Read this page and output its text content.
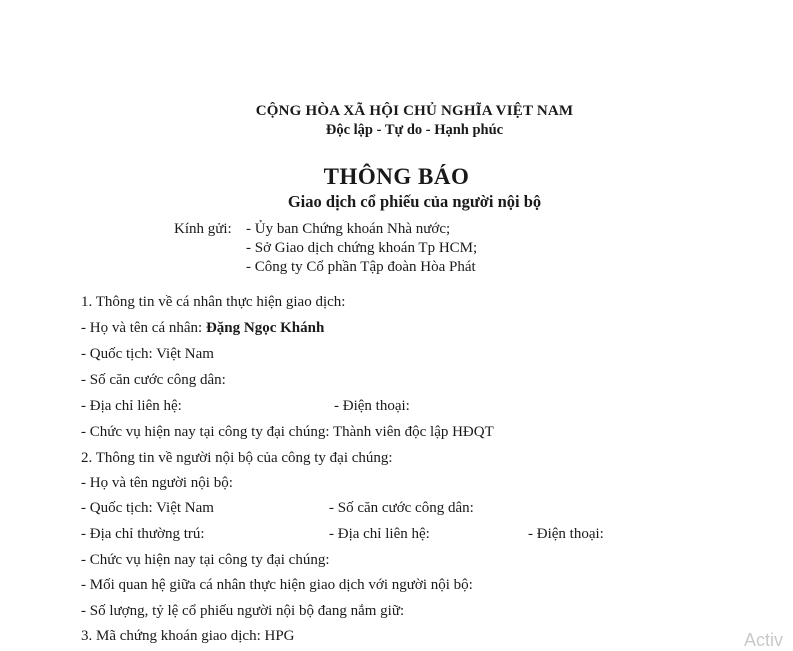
CỘNG HÒA XÃ HỘI CHỦ NGHĨA VIỆT NAM
Độc lập - Tự do - Hạnh phúc
THÔNG BÁO
Giao dịch cổ phiếu của người nội bộ
Kính gửi: - Ủy ban Chứng khoán Nhà nước;
- Sở Giao dịch chứng khoán Tp HCM;
- Công ty Cổ phần Tập đoàn Hòa Phát
1. Thông tin về cá nhân thực hiện giao dịch:
- Họ và tên cá nhân: Đặng Ngọc Khánh
- Quốc tịch: Việt Nam
- Số căn cước công dân:
- Địa chỉ liên hệ:	- Điện thoại:
- Chức vụ hiện nay tại công ty đại chúng: Thành viên độc lập HĐQT
2. Thông tin về người nội bộ của công ty đại chúng:
- Họ và tên người nội bộ:
- Quốc tịch: Việt Nam	- Số căn cước công dân:
- Địa chỉ thường trú:	- Địa chỉ liên hệ:	- Điện thoại:
- Chức vụ hiện nay tại công ty đại chúng:
- Mối quan hệ giữa cá nhân thực hiện giao dịch với người nội bộ:
- Số lượng, tỷ lệ cổ phiếu người nội bộ đang nắm giữ:
3. Mã chứng khoán giao dịch: HPG	Activ
